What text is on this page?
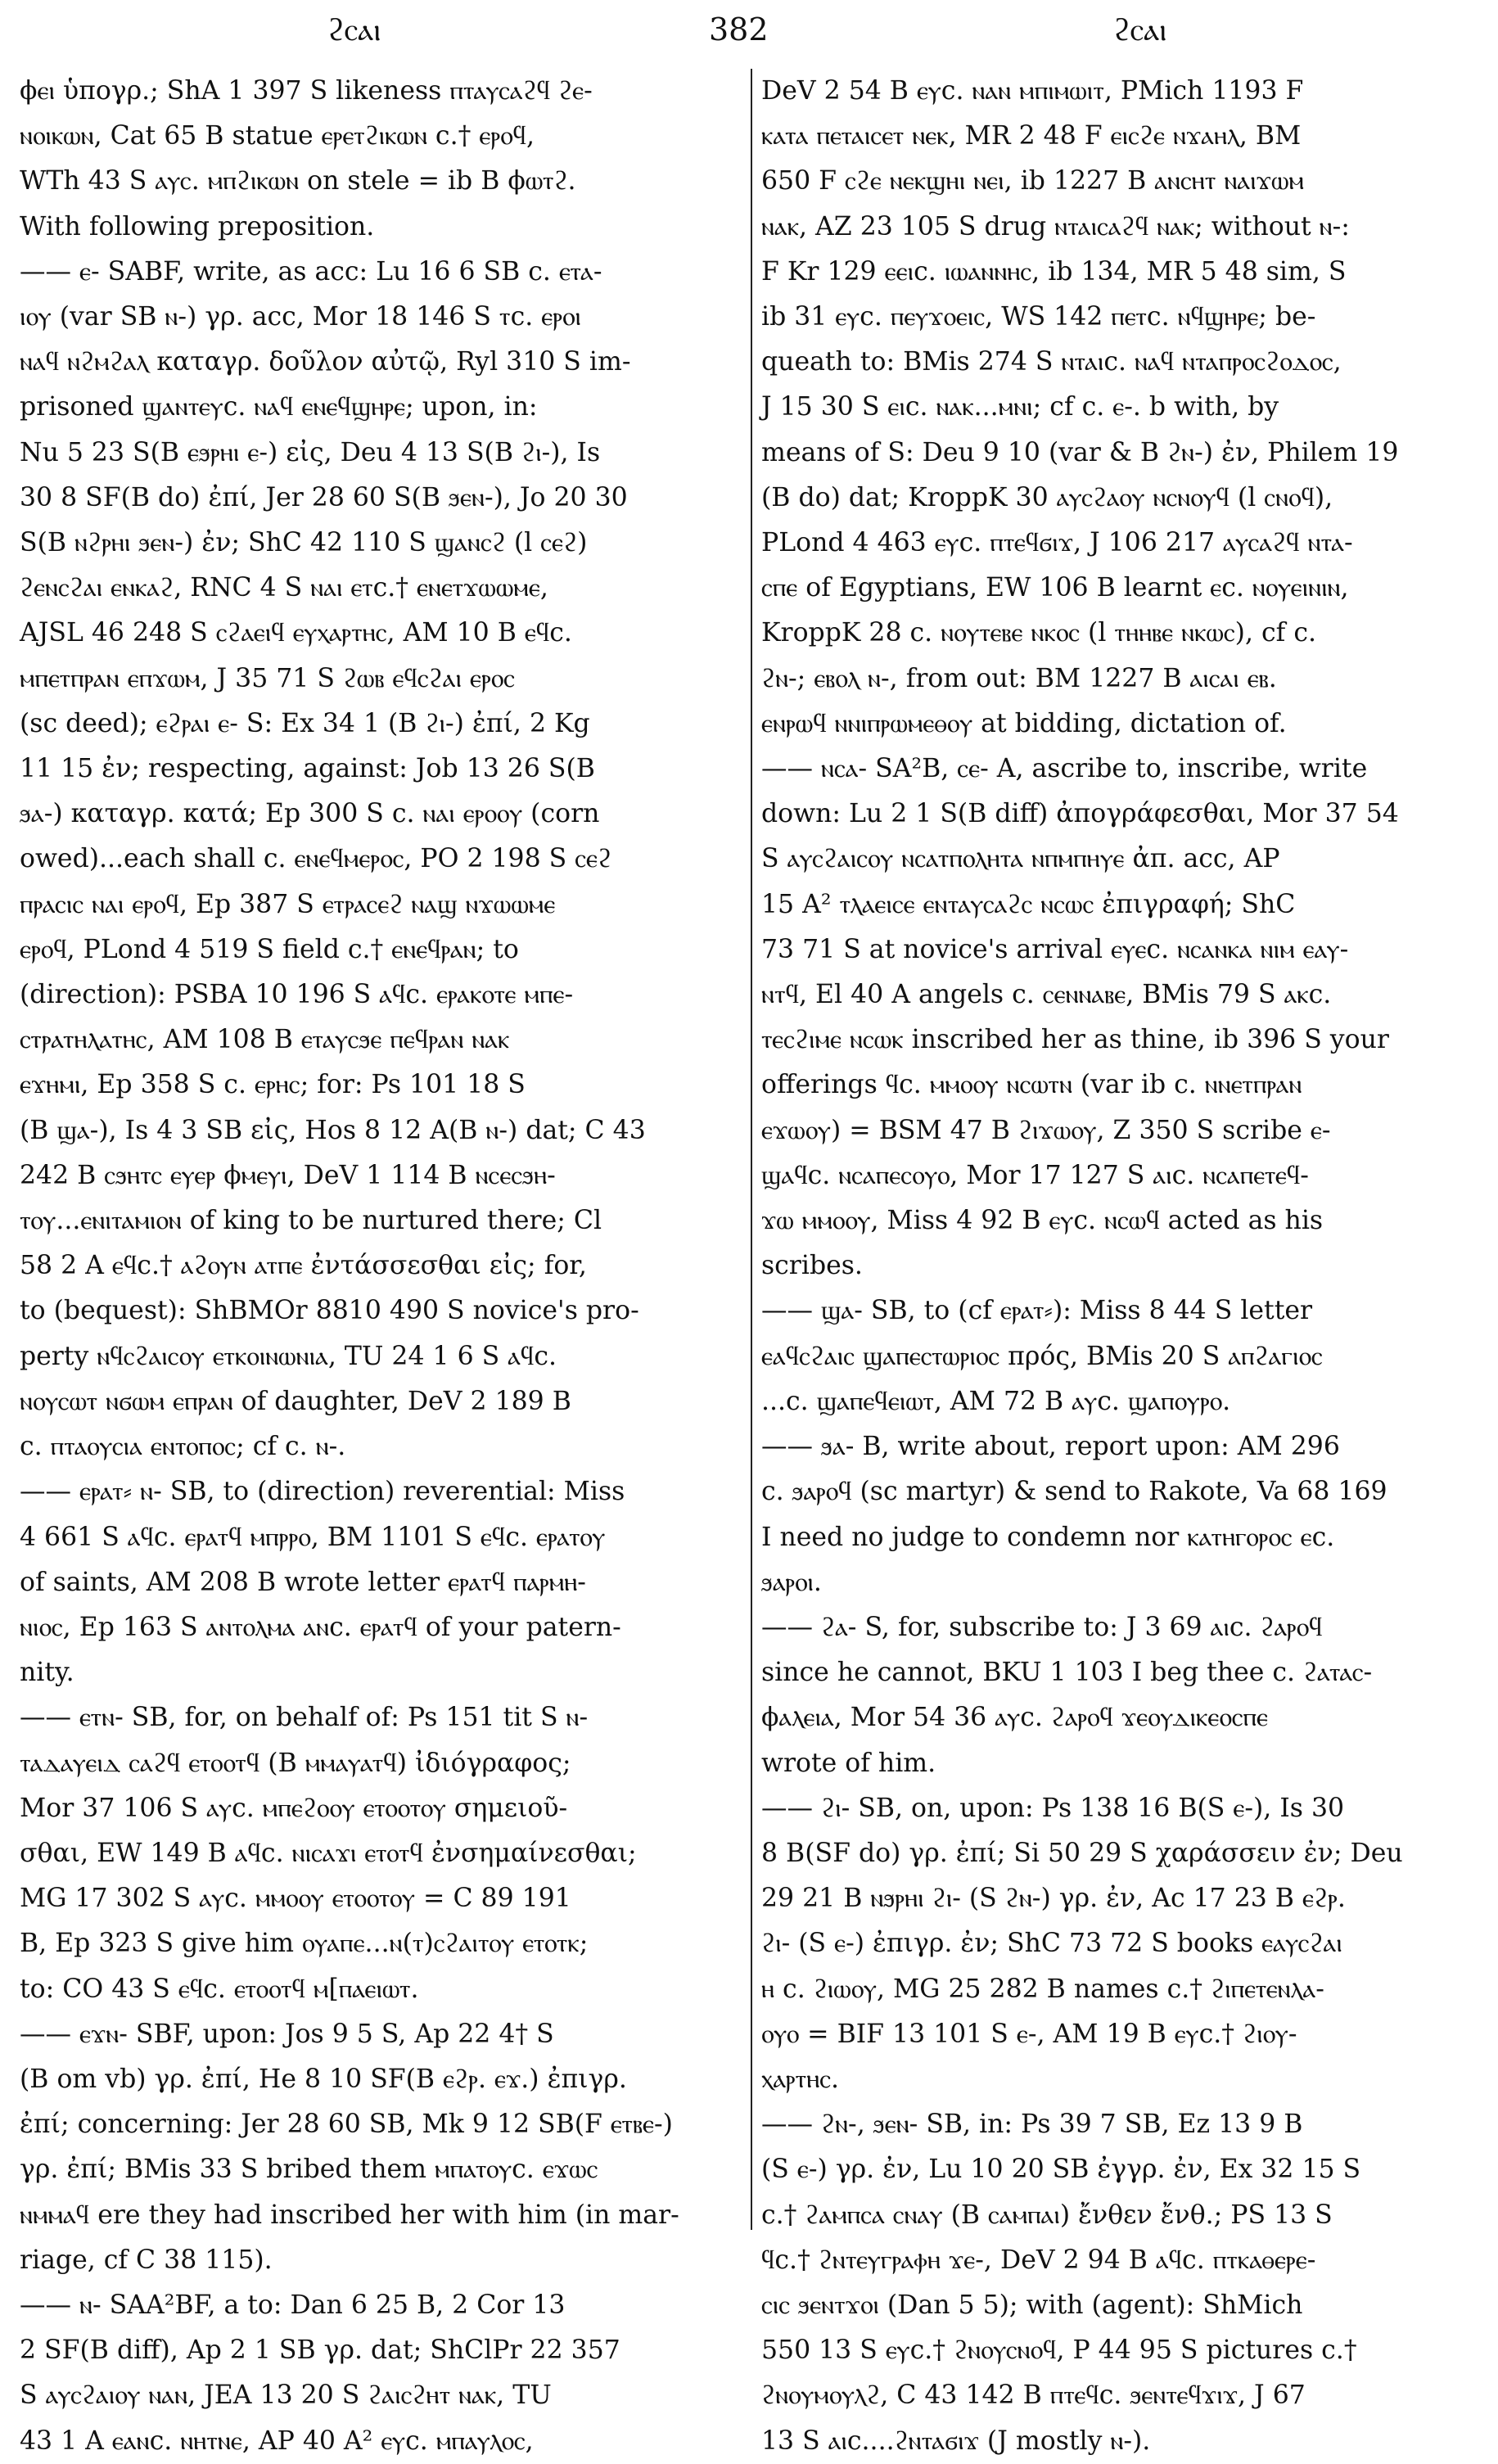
ϩⲥⲁⲓ	382	ϩⲥⲁⲓ
ϕⲉⲓ ὑπογρ.; ShA 1 397 S likeness ⲡⲧⲁⲩⲥⲁϩϥ ϩⲉ-
ⲛⲟⲓⲕⲱⲛ, Cat 65 B statue ⲉⲣⲉⲧϩⲓⲕⲱⲛ c.† ⲉⲣⲟϥ,
WTh 43 S ⲁⲩⲥ. ⲙⲡϩⲓⲕⲱⲛ on stele = ib B ϕⲱⲧϩ.
With following preposition.
—— ⲉ- SABF, write, as acc: Lu 16 6 SB c. ⲉⲧⲁ-
ⲓⲟⲩ (var SB ⲛ-) γρ. acc, Mor 18 146 S ⲧc. ⲉⲣⲟⲓ
ⲛⲁϥ ⲛϩⲙϩⲁⲗ καταγρ. δοῦλον αὐτῷ, Ryl 310 S im-
prisoned ϣⲁⲛⲧⲉⲩc. ⲛⲁϥ ⲉⲛⲉϥϣⲏⲣⲉ; upon, in:
Nu 5 23 S(B ⲉϧⲣⲏⲓ ⲉ-) εἰς, Deu 4 13 S(B ϩⲓ-), Is
30 8 SF(B do) ἐπί, Jer 28 60 S(B ϧⲉⲛ-), Jo 20 30
S(B ⲛϩⲣⲏⲓ ϧⲉⲛ-) ἐν; ShC 42 110 S ϣⲁⲛⲥϩ (l ⲥⲉϩ)
ϩⲉⲛⲥϩⲁⲓ ⲉⲛⲕⲁϩ, RNC 4 S ⲛⲁⲓ ⲉⲧc.† ⲉⲛⲉⲧϫⲱⲱⲙⲉ,
AJSL 46 248 S ⲥϩⲁⲉⲓϥ ⲉⲩⲭⲁⲣⲧⲏⲥ, AM 10 B ⲉϥc.
ⲙⲡⲉⲧⲡⲣⲁⲛ ⲉⲡϫⲱⲙ, J 35 71 S ϩⲱⲃ ⲉϥⲥϩⲁⲓ ⲉⲣⲟⲥ
(sc deed); ⲉϩⲣⲁⲓ ⲉ- S: Ex 34 1 (B ϩⲓ-) ἐπί, 2 Kg
11 15 ἐν; respecting, against: Job 13 26 S(B
ϧⲁ-) καταγρ. κατά; Ep 300 S c. ⲛⲁⲓ ⲉⲣⲟⲟⲩ (corn
owed)...each shall c. ⲉⲛⲉϥⲙⲉⲣⲟⲥ, PO 2 198 S ⲥⲉϩ
ⲡⲣⲁⲥⲓⲥ ⲛⲁⲓ ⲉⲣⲟϥ, Ep 387 S ⲉⲧⲣⲁⲥⲉϩ ⲛⲁϣ ⲛϫⲱⲱⲙⲉ
ⲉⲣⲟϥ, PLond 4 519 S field c.† ⲉⲛⲉϥⲣⲁⲛ; to
(direction): PSBA 10 196 S ⲁϥc. ⲉⲣⲁⲕⲟⲧⲉ ⲙⲡⲉ-
ⲥⲧⲣⲁⲧⲏⲗⲁⲧⲏⲥ, AM 108 B ⲉⲧⲁⲩⲥϧⲉ ⲡⲉϥⲣⲁⲛ ⲛⲁⲕ
ⲉϫⲏⲙⲓ, Ep 358 S c. ⲉⲣⲏⲥ; for: Ps 101 18 S
(B ϣⲁ-), Is 4 3 SB εἰς, Hos 8 12 A(B ⲛ-) dat; C 43
242 B ⲥϧⲏⲧⲥ ⲉⲩⲉⲣ ϕⲙⲉⲩⲓ, DeV 1 114 B ⲛⲥⲉⲥϧⲏ-
ⲧⲟⲩ...ⲉⲛⲓⲧⲁⲙⲓⲟⲛ of king to be nurtured there; Cl
58 2 A ⲉϥc.† ⲁϩⲟⲩⲛ ⲁⲧⲡⲉ ἐντάσσεσθαι εἰς; for,
to (bequest): ShBMOr 8810 490 S novice's pro-
perty ⲛϥⲥϩⲁⲓⲥⲟⲩ ⲉⲧⲕⲟⲓⲛⲱⲛⲓⲁ, TU 24 1 6 S ⲁϥc.
ⲛⲟⲩⲥⲱⲧ ⲛϭⲱⲙ ⲉⲡⲣⲁⲛ of daughter, DeV 2 189 B
c. ⲡⲧⲁⲟⲩⲥⲓⲁ ⲉⲛⲧⲟⲡⲟⲥ; cf c. ⲛ-.
—— ⲉⲣⲁⲧ⸗ ⲛ- SB, to (direction) reverential: Miss
4 661 S ⲁϥc. ⲉⲣⲁⲧϥ ⲙⲡⲣⲣⲟ, BM 1101 S ⲉϥc. ⲉⲣⲁⲧⲟⲩ
of saints, AM 208 B wrote letter ⲉⲣⲁⲧϥ ⲡⲁⲣⲙⲏ-
ⲛⲓⲟⲥ, Ep 163 S ⲁⲛⲧⲟⲗⲙⲁ ⲁⲛc. ⲉⲣⲁⲧϥ of your patern-
nity.
—— ⲉⲧⲛ- SB, for, on behalf of: Ps 151 tit S ⲛ-
ⲧⲁⲇⲁⲩⲉⲓⲇ ⲥⲁϩϥ ⲉⲧⲟⲟⲧϥ (B ⲙⲙⲁⲩⲁⲧϥ) ἰδιόγραφος;
Mor 37 106 S ⲁⲩc. ⲙⲡⲉϩⲟⲟⲩ ⲉⲧⲟⲟⲧⲟⲩ σημειοῦ-
σθαι, EW 149 B ⲁϥc. ⲛⲓⲥⲁϫⲓ ⲉⲧⲟⲧϥ ἐνσημαίνεσθαι;
MG 17 302 S ⲁⲩc. ⲙⲙⲟⲟⲩ ⲉⲧⲟⲟⲧⲟⲩ = C 89 191
B, Ep 323 S give him ⲟⲩⲁⲡⲉ...ⲛ(ⲧ)ⲥϩⲁⲓⲧⲟⲩ ⲉⲧⲟⲧⲕ;
to: CO 43 S ⲉϥc. ⲉⲧⲟⲟⲧϥ ⲙ[ⲡⲁⲉⲓⲱⲧ.
—— ⲉϫⲛ- SBF, upon: Jos 9 5 S, Ap 22 4† S
(B om vb) γρ. ἐπί, He 8 10 SF(B ⲉϩⲣ. ⲉϫ.) ἐπιγρ.
ἐπί; concerning: Jer 28 60 SB, Mk 9 12 SB(F ⲉⲧⲃⲉ-)
γρ. ἐπί; BMis 33 S bribed them ⲙⲡⲁⲧⲟⲩc. ⲉϫⲱⲥ
ⲛⲙⲙⲁϥ ere they had inscribed her with him (in mar-
riage, cf C 38 115).
—— ⲛ- SAA²BF, a to: Dan 6 25 B, 2 Cor 13
2 SF(B diff), Ap 2 1 SB γρ. dat; ShClPr 22 357
S ⲁⲩⲥϩⲁⲓⲟⲩ ⲛⲁⲛ, JEA 13 20 S ϩⲁⲓⲥϩⲏⲧ ⲛⲁⲕ, TU
43 1 A ⲉⲁⲛc. ⲛⲏⲧⲛⲉ, AP 40 A² ⲉⲩc. ⲙⲡⲁⲩⲗⲟⲥ,
DeV 2 54 B ⲉⲩc. ⲛⲁⲛ ⲙⲡⲓⲙⲱⲓⲧ, PMich 1193 F
ⲕⲁⲧⲁ ⲡⲉⲧⲁⲓⲥⲉⲧ ⲛⲉⲕ, MR 2 48 F ⲉⲓⲥϩⲉ ⲛϫⲁⲏⲗ, BM
650 F ⲥϩⲉ ⲛⲉⲕϣⲏⲓ ⲛⲉⲓ, ib 1227 B ⲁⲛⲥⲏⲧ ⲛⲁⲓϫⲱⲙ
ⲛⲁⲕ, AZ 23 105 S drug ⲛⲧⲁⲓⲥⲁϩϥ ⲛⲁⲕ; without ⲛ-:
F Kr 129 ⲉⲉⲓc. ⲓⲱⲁⲛⲛⲏⲥ, ib 134, MR 5 48 sim, S
ib 31 ⲉⲩc. ⲡⲉⲩϫⲟⲉⲓⲥ, WS 142 ⲡⲉⲧc. ⲛϥϣⲏⲣⲉ; be-
queath to: BMis 274 S ⲛⲧⲁⲓc. ⲛⲁϥ ⲛⲧⲁⲡⲣⲟⲥϩⲟⲇⲟⲥ,
J 15 30 S ⲉⲓc. ⲛⲁⲕ...ⲙⲛⲓ; cf c. ⲉ-. b with, by
means of S: Deu 9 10 (var & B ϩⲛ-) ἐν, Philem 19
(B do) dat; KroppK 30 ⲁⲩⲥϩⲁⲟⲩ ⲛⲥⲛⲟⲩϥ (l ⲥⲛⲟϥ),
PLond 4 463 ⲉⲩc. ⲡⲧⲉϥϭⲓϫ, J 106 217 ⲁⲩⲥⲁϩϥ ⲛⲧⲁ-
ⲥⲡⲉ of Egyptians, EW 106 B learnt ⲉc. ⲛⲟⲩⲉⲓⲛⲓⲛ,
KroppK 28 c. ⲛⲟⲩⲧⲉⲃⲉ ⲛⲕⲟⲥ (l ⲧⲏⲏⲃⲉ ⲛⲕⲱⲥ), cf c.
ϩⲛ-; ⲉⲃⲟⲗ ⲛ-, from out: BM 1227 B ⲁⲓⲥⲁⲓ ⲉⲃ.
ⲉⲛⲣⲱϥ ⲛⲛⲓⲡⲣⲱⲙⲉⲑⲟⲩ at bidding, dictation of.
—— ⲛⲥⲁ- SA²B, ⲥⲉ- A, ascribe to, inscribe, write
down: Lu 2 1 S(B diff) ἀπογράφεσθαι, Mor 37 54
S ⲁⲩⲥϩⲁⲓⲥⲟⲩ ⲛⲥⲁⲧⲡⲟⲗⲏⲧⲁ ⲛⲡⲙⲡⲏⲩⲉ ἀπ. acc, AP
15 A² ⲧⲗⲁⲉⲓⲥⲉ ⲉⲛⲧⲁⲩⲥⲁϩⲥ ⲛⲥⲱⲥ ἐπιγραφή; ShC
73 71 S at novice's arrival ⲉⲩⲉc. ⲛⲥⲁⲛⲕⲁ ⲛⲓⲙ ⲉⲁⲩ-
ⲛⲧϥ, El 40 A angels c. ⲥⲉⲛⲛⲁⲃⲉ, BMis 79 S ⲁⲕc.
ⲧⲉⲥϩⲓⲙⲉ ⲛⲥⲱⲕ inscribed her as thine, ib 396 S your
offerings ϥc. ⲙⲙⲟⲟⲩ ⲛⲥⲱⲧⲛ (var ib c. ⲛⲛⲉⲧⲡⲣⲁⲛ
ⲉϫⲱⲟⲩ) = BSM 47 B ϩⲓϫⲱⲟⲩ, Z 350 S scribe ⲉ-
ϣⲁϥc. ⲛⲥⲁⲡⲉⲥⲟⲩⲟ, Mor 17 127 S ⲁⲓc. ⲛⲥⲁⲡⲉⲧⲉϥ-
ϫⲱ ⲙⲙⲟⲟⲩ, Miss 4 92 B ⲉⲩc. ⲛⲥⲱϥ acted as his
scribes.
—— ϣⲁ- SB, to (cf ⲉⲣⲁⲧ⸗): Miss 8 44 S letter
ⲉⲁϥⲥϩⲁⲓⲥ ϣⲁⲡⲉⲥⲧⲱⲣⲓⲟⲥ πρός, BMis 20 S ⲁⲡϩⲁⲅⲓⲟⲥ
...c. ϣⲁⲡⲉϥⲉⲓⲱⲧ, AM 72 B ⲁⲩc. ϣⲁⲡⲟⲩⲣⲟ.
—— ϧⲁ- B, write about, report upon: AM 296
c. ϧⲁⲣⲟϥ (sc martyr) & send to Rakote, Va 68 169
I need no judge to condemn nor ⲕⲁⲧⲏⲅⲟⲣⲟⲥ ⲉc.
ϧⲁⲣⲟⲓ.
—— ϩⲁ- S, for, subscribe to: J 3 69 ⲁⲓc. ϩⲁⲣⲟϥ
since he cannot, BKU 1 103 I beg thee c. ϩⲁⲧⲁⲥ-
ϕⲁⲗⲉⲓⲁ, Mor 54 36 ⲁⲩc. ϩⲁⲣⲟϥ ϫⲉⲟⲩⲇⲓⲕⲉⲟⲥⲡⲉ
wrote of him.
—— ϩⲓ- SB, on, upon: Ps 138 16 B(S ⲉ-), Is 30
8 B(SF do) γρ. ἐπί; Si 50 29 S χαράσσειν ἐν; Deu
29 21 B ⲛϧⲣⲏⲓ ϩⲓ- (S ϩⲛ-) γρ. ἐν, Ac 17 23 B ⲉϩⲣ.
ϩⲓ- (S ⲉ-) ἐπιγρ. ἐν; ShC 73 72 S books ⲉⲁⲩⲥϩⲁⲓ
ⲏ c. ϩⲓⲱⲟⲩ, MG 25 282 B names c.† ϩⲓⲡⲉⲧⲉⲛⲗⲁ-
ⲟⲩⲟ = BIF 13 101 S ⲉ-, AM 19 B ⲉⲩc.† ϩⲓⲟⲩ-
ⲭⲁⲣⲧⲏⲥ.
—— ϩⲛ-, ϧⲉⲛ- SB, in: Ps 39 7 SB, Ez 13 9 B
(S ⲉ-) γρ. ἐν, Lu 10 20 SB ἐγγρ. ἐν, Ex 32 15 S
c.† ϩⲁⲙⲡⲥⲁ ⲥⲛⲁⲩ (B ⲥⲁⲙⲡⲁⲓ) ἔνθεν ἔνθ.; PS 13 S
ϥc.† ϩⲛⲧⲉⲩⲅⲣⲁⲫⲏ ϫⲉ-, DeV 2 94 B ⲁϥc. ⲡⲧⲕⲁⲑⲉⲣⲉ-
ⲥⲓⲥ ϧⲉⲛⲧϫⲟⲓ (Dan 5 5); with (agent): ShMich
550 13 S ⲉⲩc.† ϩⲛⲟⲩⲥⲛⲟϥ, P 44 95 S pictures c.†
ϩⲛⲟⲩⲙⲟⲩⲗϩ, C 43 142 B ⲡⲧⲉϥc. ϧⲉⲛⲧⲉϥϫⲓϫ, J 67
13 S ⲁⲓc....ϩⲛⲧⲁϭⲓϫ (J mostly ⲛ-).
